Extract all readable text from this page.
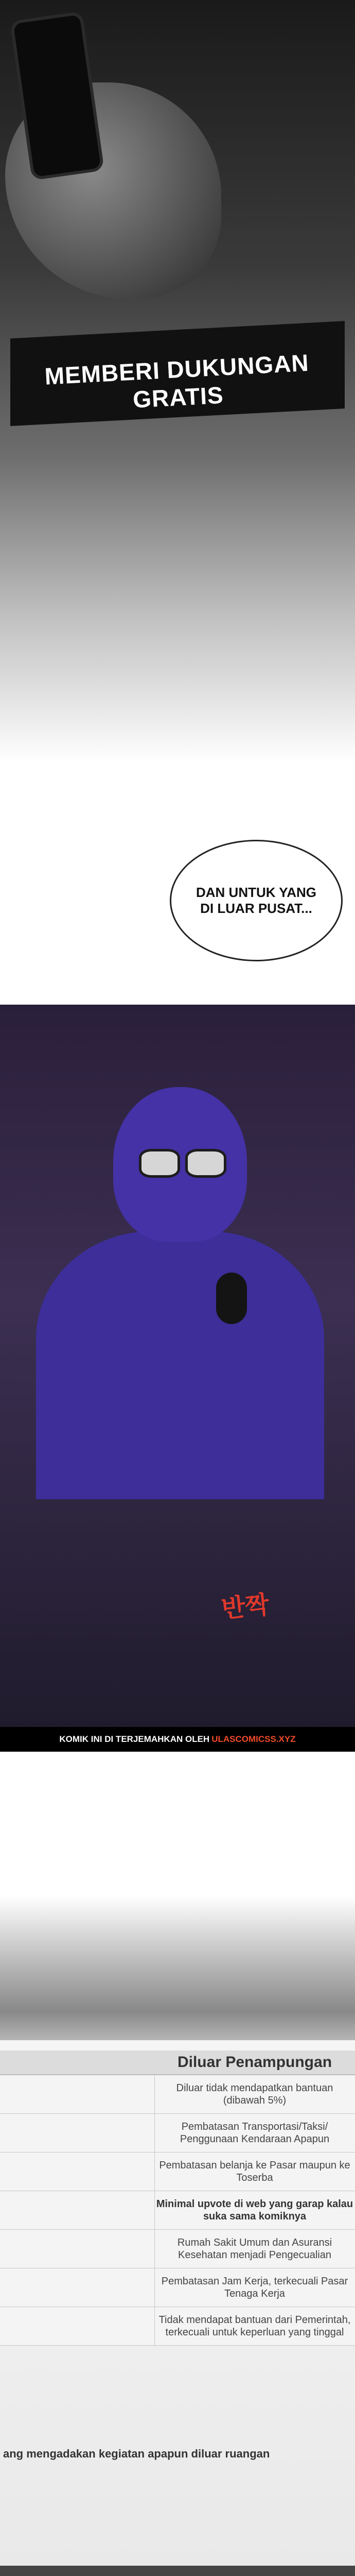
MEMBERI DUKUNGAN GRATIS
DAN UNTUK YANG DI LUAR PUSAT...
반짝
KOMIK INI DI TERJEMAHKAN OLEH ULASCOMICSS.XYZ
Diluar Penampungan
Diluar tidak mendapatkan bantuan (dibawah 5%)
Pembatasan Transportasi/Taksi/ Penggunaan Kendaraan Apapun
Pembatasan belanja ke Pasar maupun ke Toserba
Minimal upvote di web yang garap kalau suka sama komiknya
Rumah Sakit Umum dan Asuransi Kesehatan menjadi Pengecualian
Pembatasan Jam Kerja, terkecuali Pasar Tenaga Kerja
Tidak mendapat bantuan dari Pemerintah, terkecuali untuk keperluan yang tinggal
ang mengadakan kegiatan apapun diluar ruangan
